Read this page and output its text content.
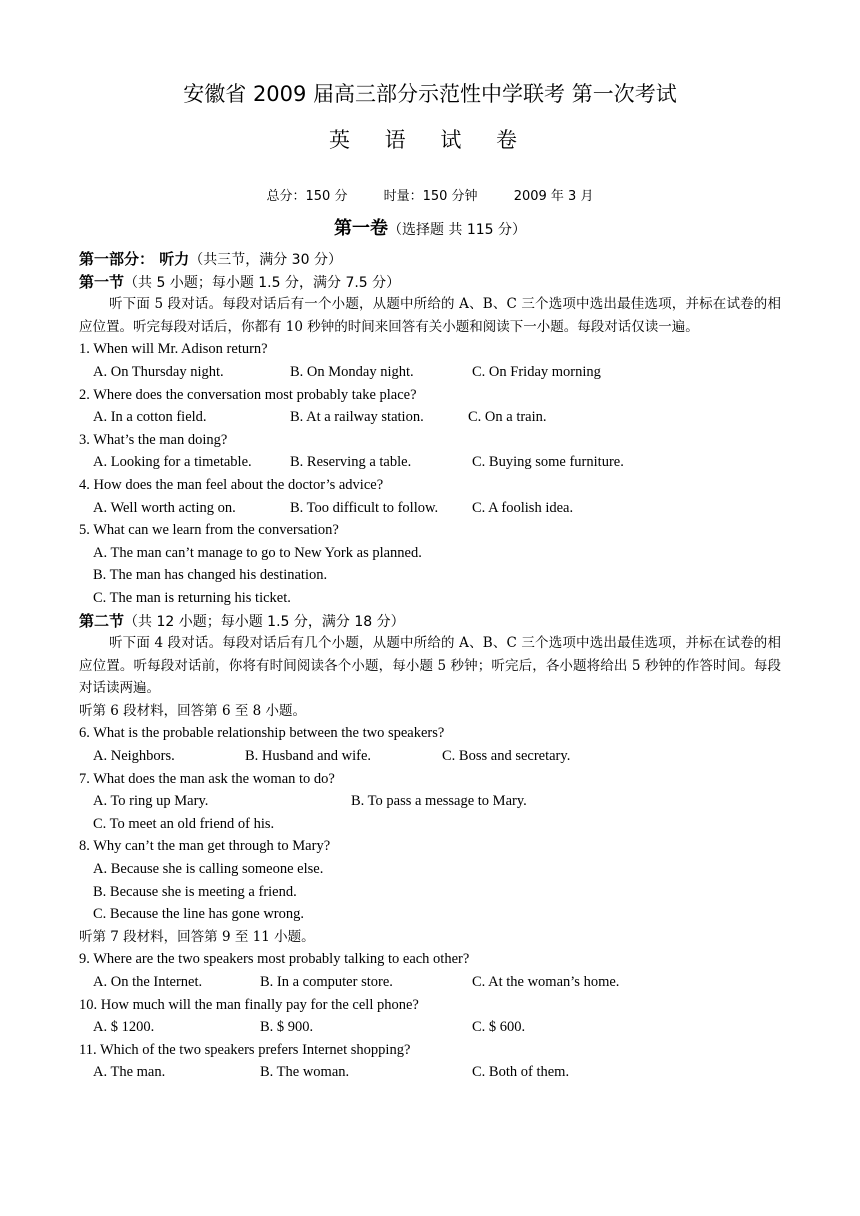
安徽省 2009 届高三部分示范性中学联考 第一次考试
英 语 试 卷
总分：150 分	时量：150 分钟	2009 年 3 月
第一卷（选择题 共 115 分）
第一部分： 听力（共三节，满分 30 分）
第一节（共 5 小题；每小题 1.5 分，满分 7.5 分）
听下面 5 段对话。每段对话后有一个小题，从题中所给的 A、B、C 三个选项中选出最佳选项，并标在试卷的相应位置。听完每段对话后，你都有 10 秒钟的时间来回答有关小题和阅读下一小题。每段对话仅读一遍。
1. When will Mr. Adison return?
A. On Thursday night.	B. On Monday night.	C. On Friday morning
2. Where does the conversation most probably take place?
A. In a cotton field.	B. At a railway station.	C. On a train.
3. What’s the man doing?
A. Looking for a timetable.	B. Reserving a table.	C. Buying some furniture.
4. How does the man feel about the doctor’s advice?
A. Well worth acting on.	B. Too difficult to follow. C. A foolish idea.
5. What can we learn from the conversation?
A. The man can’t manage to go to New York as planned.
B. The man has changed his destination.
C. The man is returning his ticket.
第二节（共 12 小题；每小题 1.5 分，满分 18 分）
听下面 4 段对话。每段对话后有几个小题，从题中所给的 A、B、C 三个选项中选出最佳选项，并标在试卷的相应位置。听每段对话前，你将有时间阅读各个小题，每小题 5 秒钟；听完后，各小题将给出 5 秒钟的作答时间。每段对话读两遍。
听第 6 段材料，回答第 6 至 8 小题。
6. What is the probable relationship between the two speakers?
A. Neighbors.	B. Husband and wife.	C. Boss and secretary.
7. What does the man ask the woman to do?
A. To ring up Mary.	B. To pass a message to Mary.
C. To meet an old friend of his.
8. Why can’t the man get through to Mary?
A. Because she is calling someone else.
B. Because she is meeting a friend.
C. Because the line has gone wrong.
听第 7 段材料，回答第 9 至 11 小题。
9. Where are the two speakers most probably talking to each other?
A. On the Internet.	B. In a computer store.	C. At the woman’s home.
10. How much will the man finally pay for the cell phone?
A. $ 1200.	B. $ 900.	C. $ 600.
11. Which of the two speakers prefers Internet shopping?
A. The man.	B. The woman.	C. Both of them.
